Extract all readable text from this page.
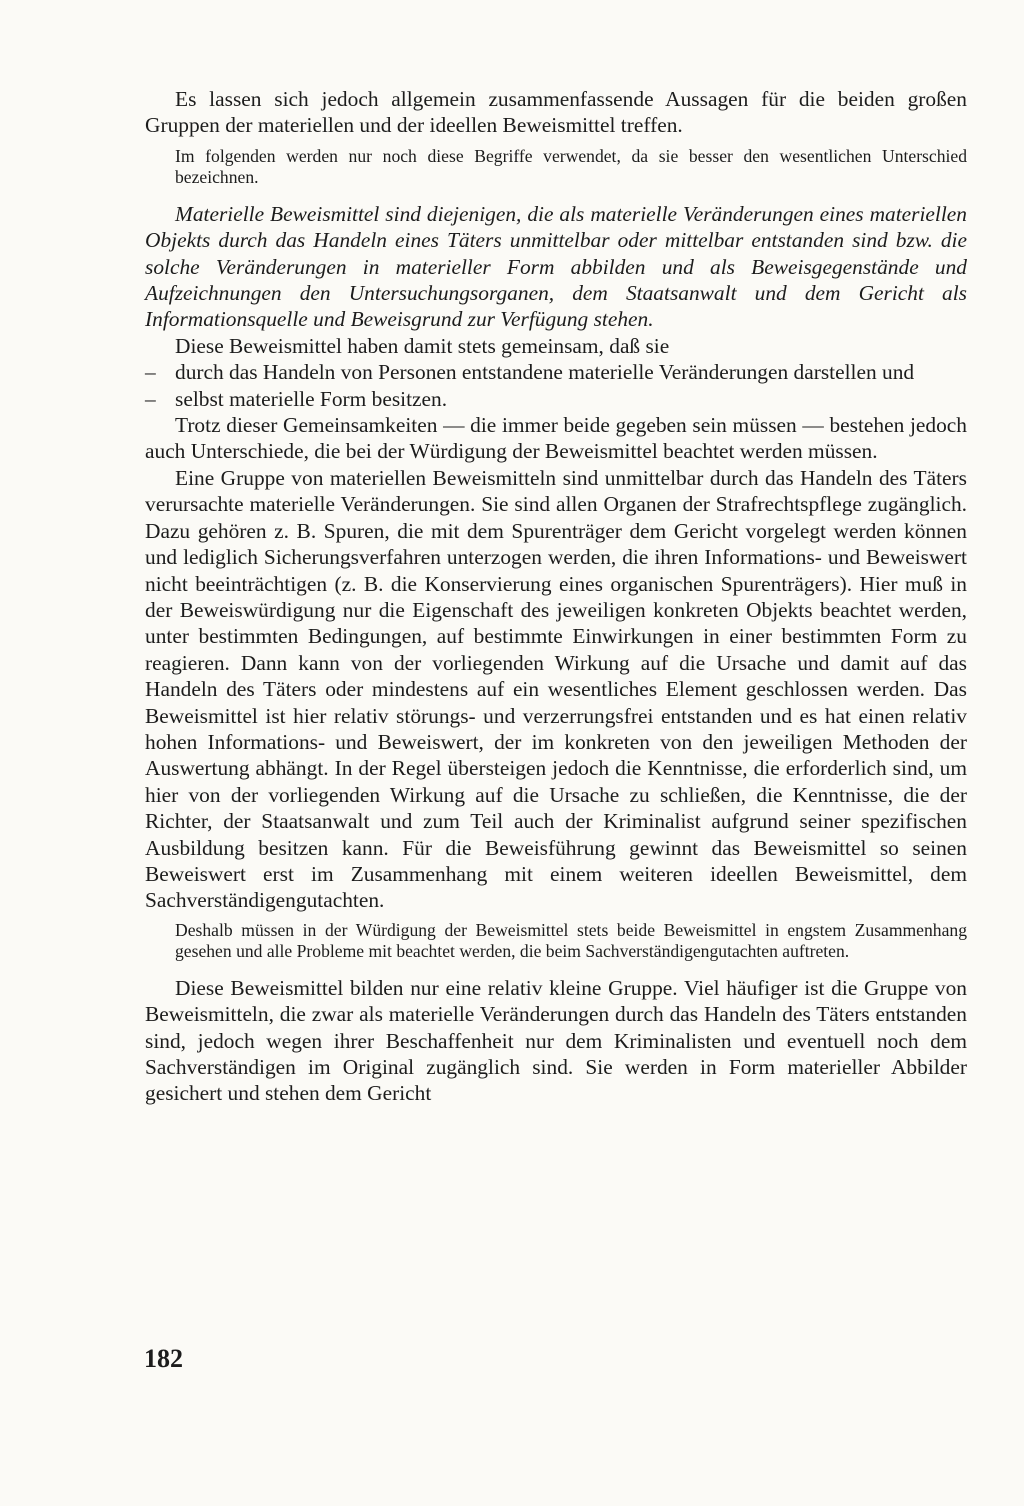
Es lassen sich jedoch allgemein zusammenfassende Aussagen für die beiden großen Gruppen der materiellen und der ideellen Beweismittel treffen.

Im folgenden werden nur noch diese Begriffe verwendet, da sie besser den wesentlichen Unterschied bezeichnen.

Materielle Beweismittel sind diejenigen, die als materielle Veränderungen eines materiellen Objekts durch das Handeln eines Täters unmittelbar oder mittelbar entstanden sind bzw. die solche Veränderungen in materieller Form abbilden und als Beweisgegenstände und Aufzeichnungen den Untersuchungsorganen, dem Staatsanwalt und dem Gericht als Informationsquelle und Beweisgrund zur Verfügung stehen.

Diese Beweismittel haben damit stets gemeinsam, daß sie

– durch das Handeln von Personen entstandene materielle Veränderungen darstellen und
– selbst materielle Form besitzen.

Trotz dieser Gemeinsamkeiten — die immer beide gegeben sein müssen — bestehen jedoch auch Unterschiede, die bei der Würdigung der Beweismittel beachtet werden müssen.

Eine Gruppe von materiellen Beweismitteln sind unmittelbar durch das Handeln des Täters verursachte materielle Veränderungen. Sie sind allen Organen der Strafrechtspflege zugänglich. Dazu gehören z. B. Spuren, die mit dem Spurenträger dem Gericht vorgelegt werden können und lediglich Sicherungsverfahren unterzogen werden, die ihren Informations- und Beweiswert nicht beeinträchtigen (z. B. die Konservierung eines organischen Spurenträgers). Hier muß in der Beweiswürdigung nur die Eigenschaft des jeweiligen konkreten Objekts beachtet werden, unter bestimmten Bedingungen, auf bestimmte Einwirkungen in einer bestimmten Form zu reagieren. Dann kann von der vorliegenden Wirkung auf die Ursache und damit auf das Handeln des Täters oder mindestens auf ein wesentliches Element geschlossen werden. Das Beweismittel ist hier relativ störungs- und verzerrungsfrei entstanden und es hat einen relativ hohen Informations- und Beweiswert, der im konkreten von den jeweiligen Methoden der Auswertung abhängt. In der Regel übersteigen jedoch die Kenntnisse, die erforderlich sind, um hier von der vorliegenden Wirkung auf die Ursache zu schließen, die Kenntnisse, die der Richter, der Staatsanwalt und zum Teil auch der Kriminalist aufgrund seiner spezifischen Ausbildung besitzen kann. Für die Beweisführung gewinnt das Beweismittel so seinen Beweiswert erst im Zusammenhang mit einem weiteren ideellen Beweismittel, dem Sachverständigengutachten.

Deshalb müssen in der Würdigung der Beweismittel stets beide Beweismittel in engstem Zusammenhang gesehen und alle Probleme mit beachtet werden, die beim Sachverständigengutachten auftreten.

Diese Beweismittel bilden nur eine relativ kleine Gruppe. Viel häufiger ist die Gruppe von Beweismitteln, die zwar als materielle Veränderungen durch das Handeln des Täters entstanden sind, jedoch wegen ihrer Beschaffenheit nur dem Kriminalisten und eventuell noch dem Sachverständigen im Original zugänglich sind. Sie werden in Form materieller Abbilder gesichert und stehen dem Gericht

182
